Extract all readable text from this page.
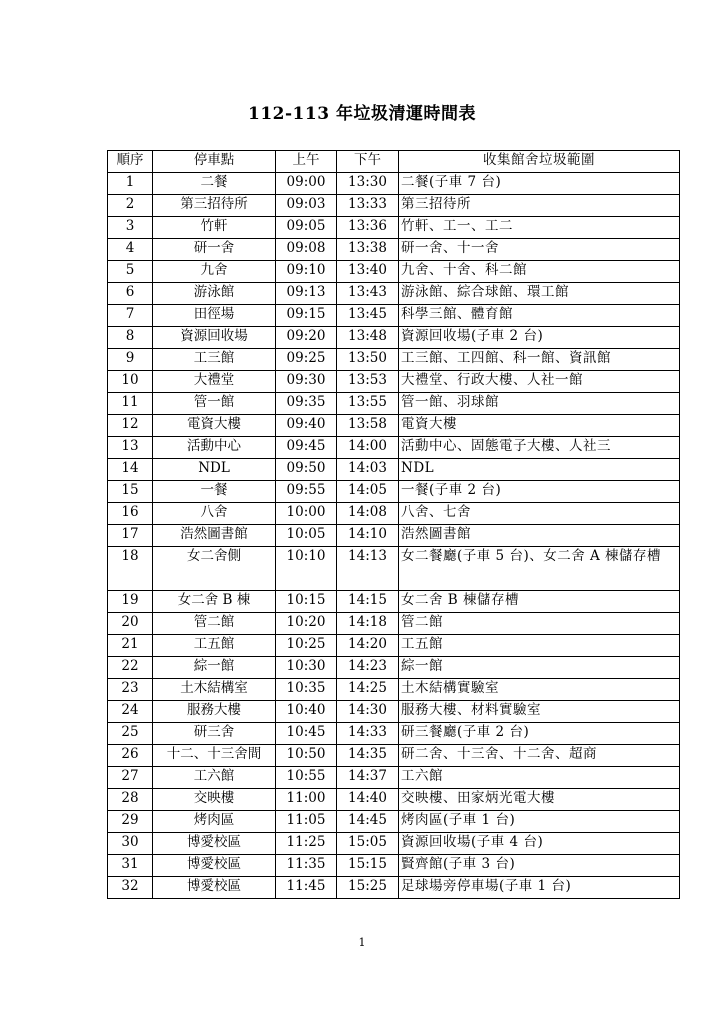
112-113 年垃圾清運時間表
順序	停車點	上午	下午	收集館舍垃圾範圍
1	二餐	09:00	13:30	二餐(子車 7 台)
2	第三招待所	09:03	13:33	第三招待所
3	竹軒	09:05	13:36	竹軒、工一、工二
4	研一舍	09:08	13:38	研一舍、十一舍
5	九舍	09:10	13:40	九舍、十舍、科二館
6	游泳館	09:13	13:43	游泳館、綜合球館、環工館
7	田徑場	09:15	13:45	科學三館、體育館
8	資源回收場	09:20	13:48	資源回收場(子車 2 台)
9	工三館	09:25	13:50	工三館、工四館、科一館、資訊館
10	大禮堂	09:30	13:53	大禮堂、行政大樓、人社一館
11	管一館	09:35	13:55	管一館、羽球館
12	電資大樓	09:40	13:58	電資大樓
13	活動中心	09:45	14:00	活動中心、固態電子大樓、人社三
14	NDL	09:50	14:03	NDL
15	一餐	09:55	14:05	一餐(子車 2 台)
16	八舍	10:00	14:08	八舍、七舍
17	浩然圖書館	10:05	14:10	浩然圖書館
18	女二舍側	10:10	14:13	女二餐廳(子車 5 台)、女二舍 A 棟儲存槽
19	女二舍 B 棟	10:15	14:15	女二舍 B 棟儲存槽
20	管二館	10:20	14:18	管二館
21	工五館	10:25	14:20	工五館
22	綜一館	10:30	14:23	綜一館
23	土木結構室	10:35	14:25	土木結構實驗室
24	服務大樓	10:40	14:30	服務大樓、材料實驗室
25	研三舍	10:45	14:33	研三餐廳(子車 2 台)
26	十二、十三舍間	10:50	14:35	研二舍、十三舍、十二舍、超商
27	工六館	10:55	14:37	工六館
28	交映樓	11:00	14:40	交映樓、田家炳光電大樓
29	烤肉區	11:05	14:45	烤肉區(子車 1 台)
30	博愛校區	11:25	15:05	資源回收場(子車 4 台)
31	博愛校區	11:35	15:15	賢齊館(子車 3 台)
32	博愛校區	11:45	15:25	足球場旁停車場(子車 1 台)
1
